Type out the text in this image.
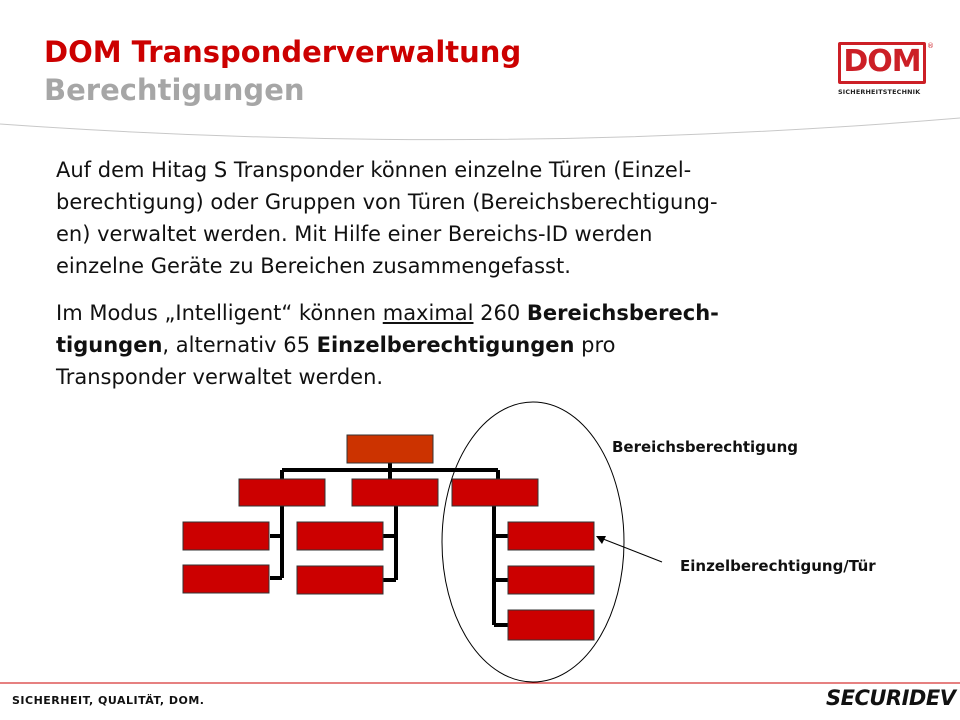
DOM Transponderverwaltung

Berechtigungen

DOM ®
SICHERHEITSTECHNIK
Auf dem Hitag S Transponder können einzelne Türen (Einzel-
berechtigung) oder Gruppen von Türen (Bereichsberechtigung-
en) verwaltet werden. Mit Hilfe einer Bereichs-ID werden
einzelne Geräte zu Bereichen zusammengefasst.
Im Modus „Intelligent“ können maximal 260 Bereichsberech-
tigungen, alternativ 65 Einzelberechtigungen pro
Transponder verwaltet werden.

Bereichsberechtigung

Einzelberechtigung/Tür

SICHERHEIT, QUALITÄT, DOM.	SECURIDEV
